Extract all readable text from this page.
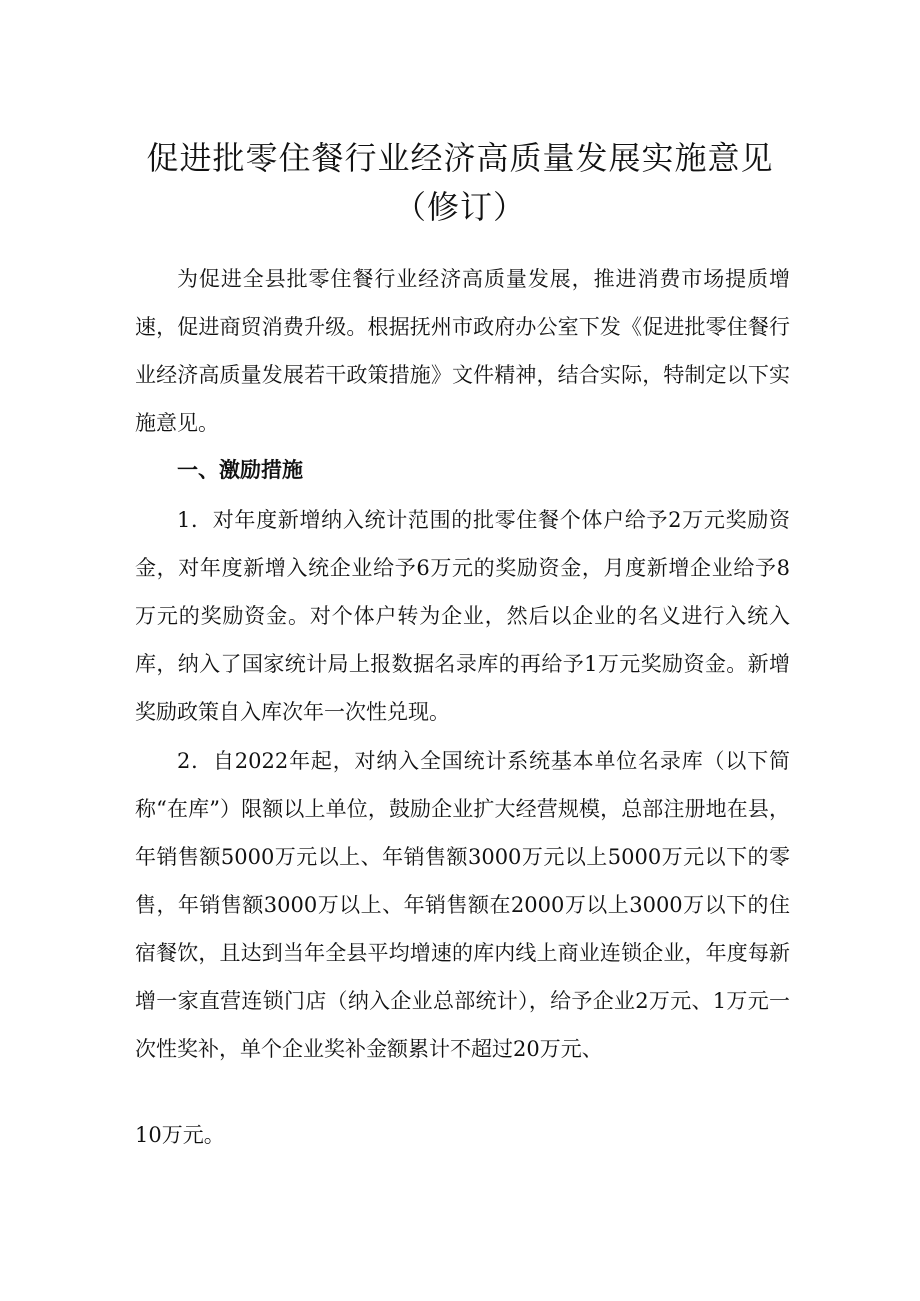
促进批零住餐行业经济高质量发展实施意见
（修订）

为促进全县批零住餐行业经济高质量发展，推进消费市场提质增速，促进商贸消费升级。根据抚州市政府办公室下发《促进批零住餐行业经济高质量发展若干政策措施》文件精神，结合实际，特制定以下实施意见。

一、激励措施

1．对年度新增纳入统计范围的批零住餐个体户给予2万元奖励资金，对年度新增入统企业给予6万元的奖励资金，月度新增企业给予8万元的奖励资金。对个体户转为企业，然后以企业的名义进行入统入库，纳入了国家统计局上报数据名录库的再给予1万元奖励资金。新增奖励政策自入库次年一次性兑现。

2．自2022年起，对纳入全国统计系统基本单位名录库（以下简称“在库”）限额以上单位，鼓励企业扩大经营规模，总部注册地在县，年销售额5000万元以上、年销售额3000万元以上5000万元以下的零售，年销售额3000万以上、年销售额在2000万以上3000万以下的住宿餐饮，且达到当年全县平均增速的库内线上商业连锁企业，年度每新增一家直营连锁门店（纳入企业总部统计），给予企业2万元、1万元一次性奖补，单个企业奖补金额累计不超过20万元、

10万元。
